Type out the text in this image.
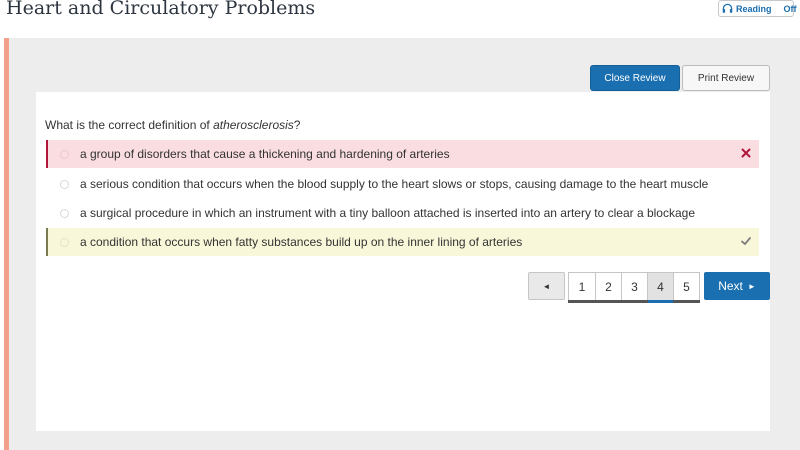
Heart and Circulatory Problems	Reading Off
Close Review	Print Review

What is the correct definition of atherosclerosis?

a group of disorders that cause a thickening and hardening of arteries
a serious condition that occurs when the blood supply to the heart slows or stops, causing damage to the heart muscle
a surgical procedure in which an instrument with a tiny balloon attached is inserted into an artery to clear a blockage
a condition that occurs when fatty substances build up on the inner lining of arteries
◄	1	2	3	4	5	Next ►
